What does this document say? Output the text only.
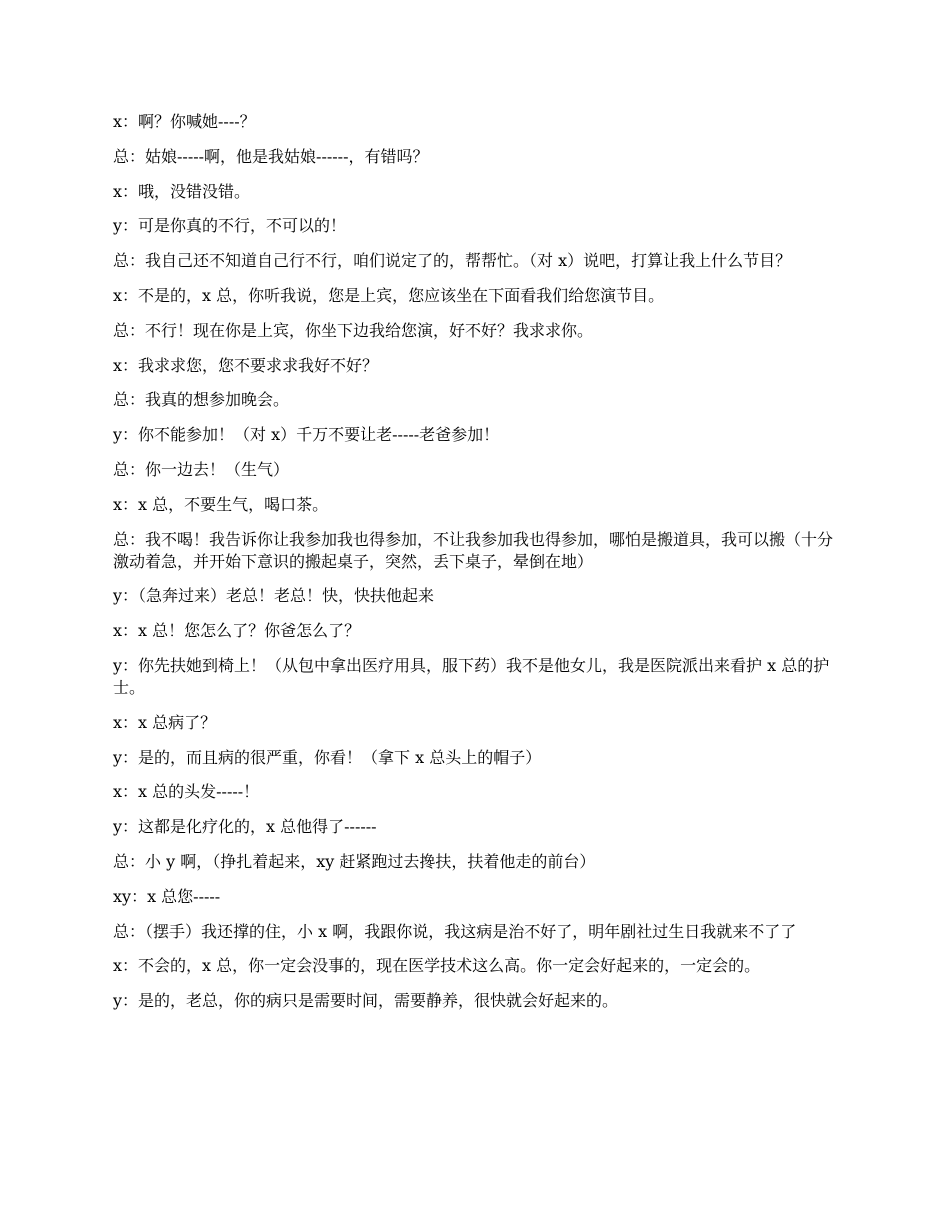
x：啊？你喊她----？

总：姑娘-----啊，他是我姑娘------，有错吗？

x：哦，没错没错。

y：可是你真的不行，不可以的！

总：我自己还不知道自己行不行，咱们说定了的，帮帮忙。（对 x）说吧，打算让我上什么节目？

x：不是的，x 总，你听我说，您是上宾，您应该坐在下面看我们给您演节目。

总：不行！现在你是上宾，你坐下边我给您演，好不好？我求求你。

x：我求求您，您不要求求我好不好？

总：我真的想参加晚会。

y：你不能参加！（对 x）千万不要让老-----老爸参加！

总：你一边去！（生气）

x：x 总，不要生气，喝口茶。

总：我不喝！我告诉你让我参加我也得参加，不让我参加我也得参加，哪怕是搬道具，我可以搬（十分激动着急，并开始下意识的搬起桌子，突然，丢下桌子，晕倒在地）

y：（急奔过来）老总！老总！快，快扶他起来

x：x 总！您怎么了？你爸怎么了？

y：你先扶她到椅上！（从包中拿出医疗用具，服下药）我不是他女儿，我是医院派出来看护 x 总的护士。

x：x 总病了？

y：是的，而且病的很严重，你看！（拿下 x 总头上的帽子）

x：x 总的头发-----！

y：这都是化疗化的，x 总他得了------

总：小 y 啊，（挣扎着起来，xy 赶紧跑过去搀扶，扶着他走的前台）

xy：x 总您-----

总：（摆手）我还撑的住，小 x 啊，我跟你说，我这病是治不好了，明年剧社过生日我就来不了了

x：不会的，x 总，你一定会没事的，现在医学技术这么高。你一定会好起来的，一定会的。

y：是的，老总，你的病只是需要时间，需要静养，很快就会好起来的。
